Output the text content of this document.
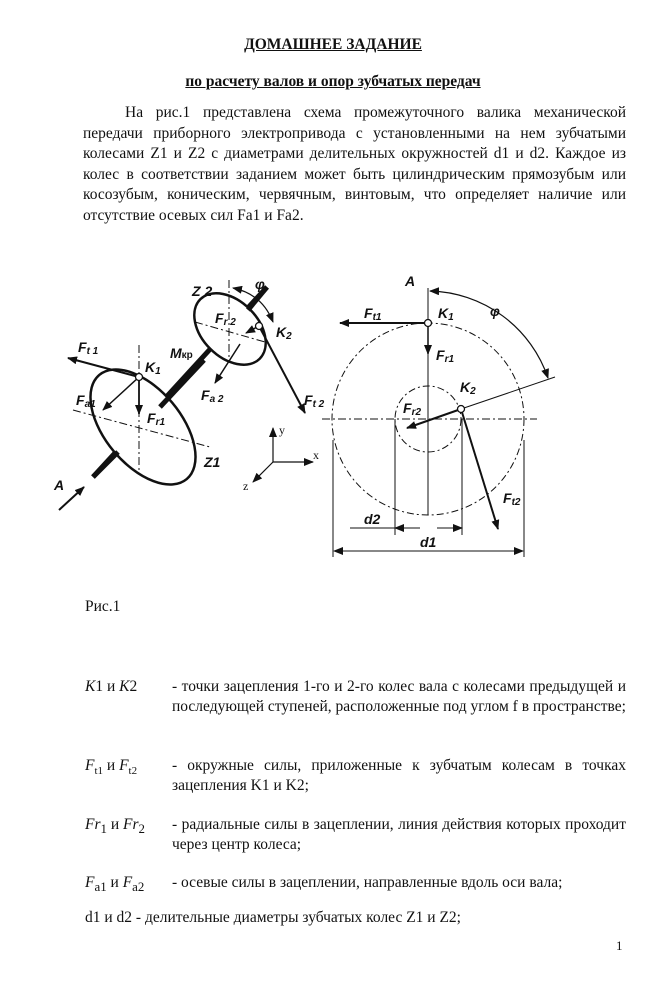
ДОМАШНЕЕ ЗАДАНИЕ
по расчету валов и опор зубчатых передач
На рис.1 представлена схема промежуточного валика механической передачи приборного электропривода с установленными на нем зубчатыми колесами Z1 и Z2 с диаметрами делительных окружностей d1 и d2. Каждое из колес в соответствии заданием может быть цилиндрическим прямозубым или косозубым, коническим, червячным, винтовым, что определяет наличие или отсутствие осевых сил Fa1 и Fa2.
Ft 1
K1
Fa1
Fr1
Mкр
Z 2	φ
Fr 2
K2
Fa 2	Ft 2
Z1
A
y
x
z
A
Ft1	K1
Fr1
φ
K2
Fr2
Ft2
d2
d1
Рис.1
K1 и K2 - точки зацепления 1-го и 2-го колес вала с колесами предыдущей и последующей ступеней, расположенные под углом f в пространстве;
$F_{t1}$ и $F_{t2}$ - окружные силы, приложенные к зубчатым колесам в точках зацепления K1 и K2;
$Fr_1$ и $Fr_2$ - радиальные силы в зацеплении, линия действия которых проходит через центр колеса;
$F_{a1}$ и $F_{a2}$ - осевые силы в зацеплении, направленные вдоль оси вала;
d1 и d2 - делительные диаметры зубчатых колес Z1 и Z2;
1
